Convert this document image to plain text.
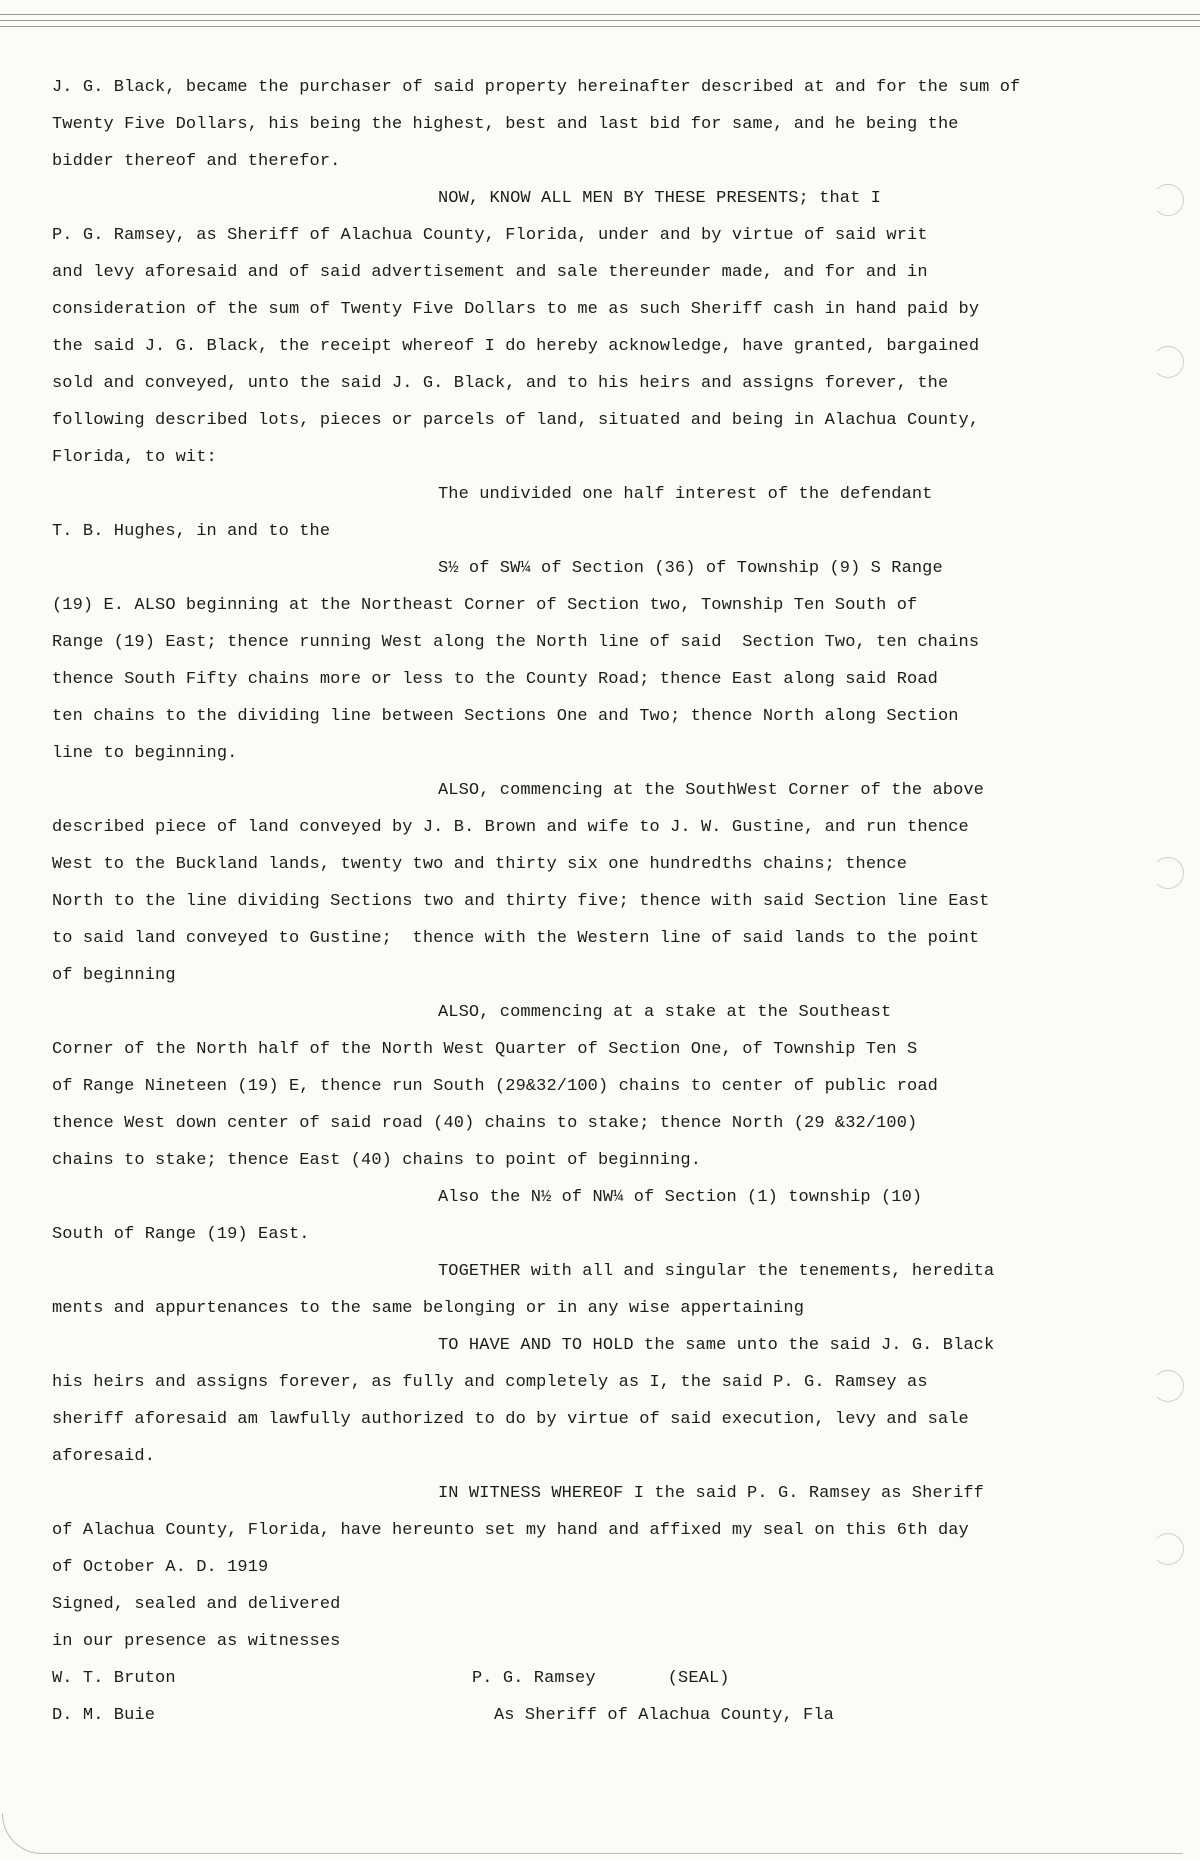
J. G. Black, became the purchaser of said property hereinafter described at and for the sum of
Twenty Five Dollars, his being the highest, best and last bid for same, and he being the
bidder thereof and therefor.
NOW, KNOW ALL MEN BY THESE PRESENTS; that I
P. G. Ramsey, as Sheriff of Alachua County, Florida, under and by virtue of said writ
and levy aforesaid and of said advertisement and sale thereunder made, and for and in
consideration of the sum of Twenty Five Dollars to me as such Sheriff cash in hand paid by
the said J. G. Black, the receipt whereof I do hereby acknowledge, have granted, bargained
sold and conveyed, unto the said J. G. Black, and to his heirs and assigns forever, the
following described lots, pieces or parcels of land, situated and being in Alachua County,
Florida, to wit:
The undivided one half interest of the defendant
T. B. Hughes, in and to the
S½ of SW¼ of Section (36) of Township (9) S Range
(19) E. ALSO beginning at the Northeast Corner of Section two, Township Ten South of
Range (19) East; thence running West along the North line of said  Section Two, ten chains
thence South Fifty chains more or less to the County Road; thence East along said Road
ten chains to the dividing line between Sections One and Two; thence North along Section
line to beginning.
ALSO, commencing at the SouthWest Corner of the above
described piece of land conveyed by J. B. Brown and wife to J. W. Gustine, and run thence
West to the Buckland lands, twenty two and thirty six one hundredths chains; thence
North to the line dividing Sections two and thirty five; thence with said Section line East
to said land conveyed to Gustine;  thence with the Western line of said lands to the point
of beginning
ALSO, commencing at a stake at the Southeast
Corner of the North half of the North West Quarter of Section One, of Township Ten S
of Range Nineteen (19) E, thence run South (29&32/100) chains to center of public road
thence West down center of said road (40) chains to stake; thence North (29 &32/100)
chains to stake; thence East (40) chains to point of beginning.
Also the N½ of NW¼ of Section (1) township (10)
South of Range (19) East.
TOGETHER with all and singular the tenements, heredita
ments and appurtenances to the same belonging or in any wise appertaining
TO HAVE AND TO HOLD the same unto the said J. G. Black
his heirs and assigns forever, as fully and completely as I, the said P. G. Ramsey as
sheriff aforesaid am lawfully authorized to do by virtue of said execution, levy and sale
aforesaid.
IN WITNESS WHEREOF I the said P. G. Ramsey as Sheriff
of Alachua County, Florida, have hereunto set my hand and affixed my seal on this 6th day
of October A. D. 1919
Signed, sealed and delivered
in our presence as witnesses
W. T. Bruton	P. G. Ramsey       (SEAL)
D. M. Buie	As Sheriff of Alachua County, Fla
